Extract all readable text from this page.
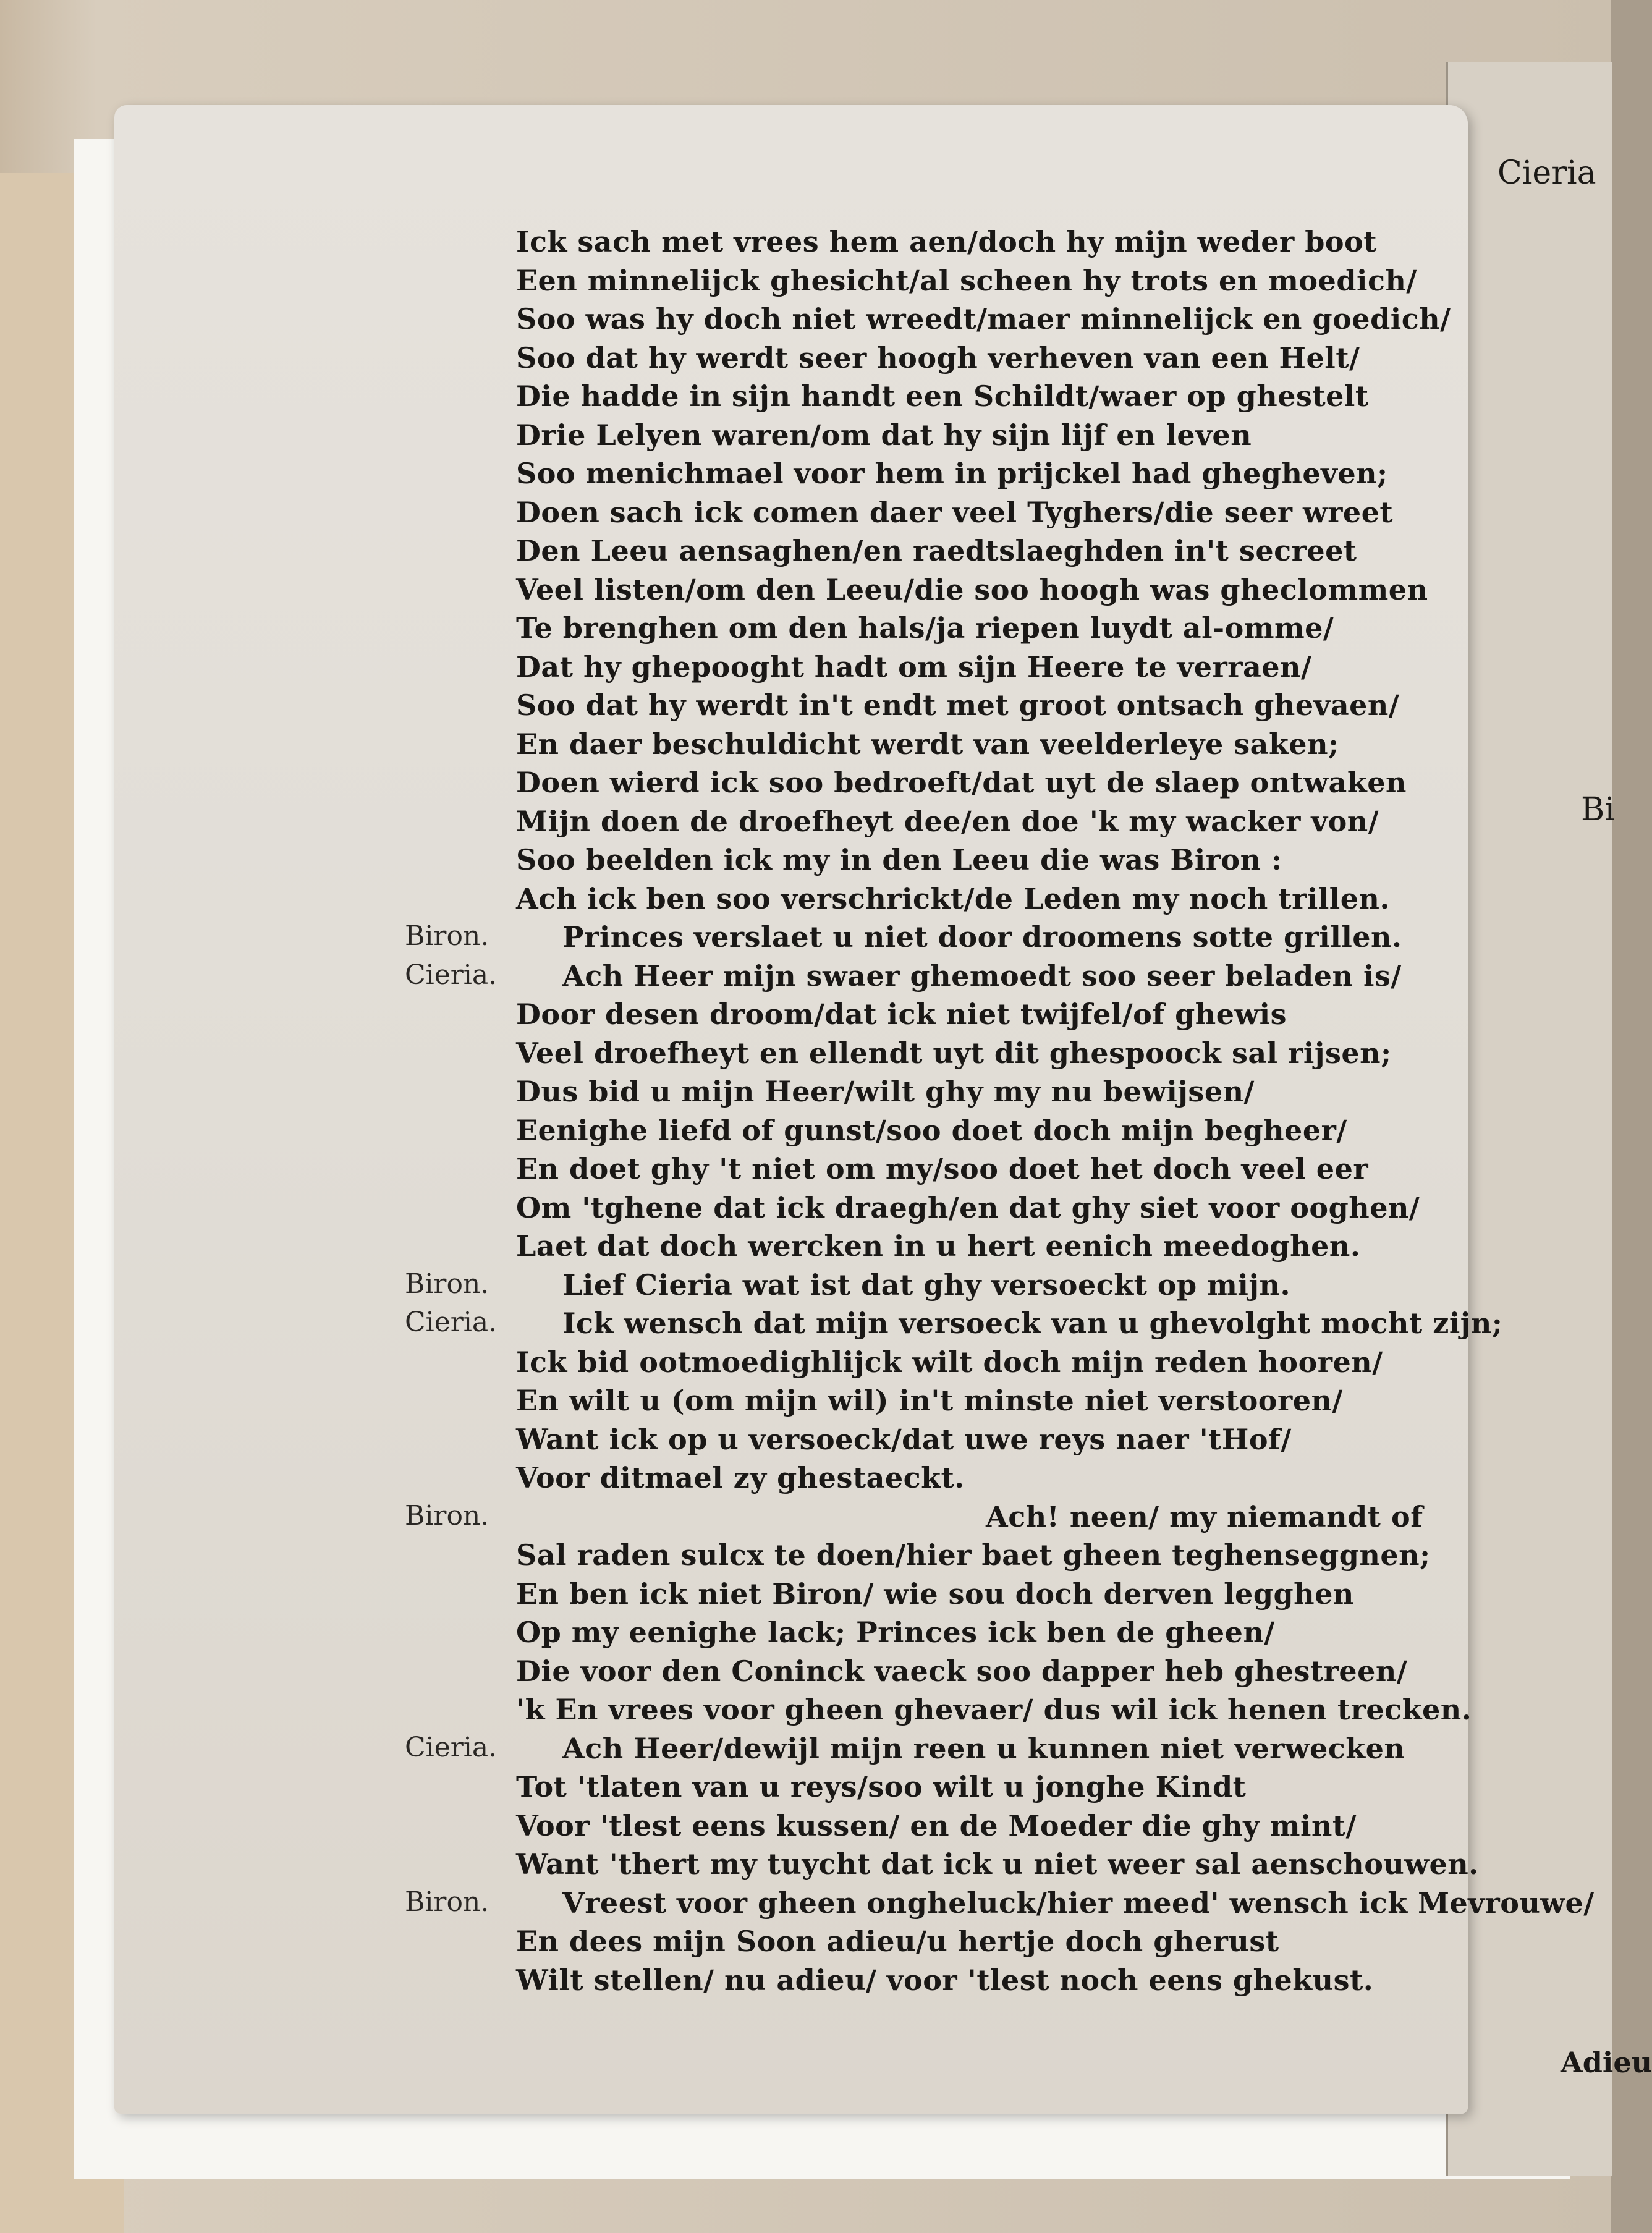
Cieria
Bi
Ick sach met vrees hem aen/doch hy mijn weder boot
Een minnelijck ghesicht/al scheen hy trots en moedich/
Soo was hy doch niet wreedt/maer minnelijck en goedich/
Soo dat hy werdt seer hoogh verheven van een Helt/
Die hadde in sijn handt een Schildt/waer op ghestelt
Drie Lelyen waren/om dat hy sijn lijf en leven
Soo menichmael voor hem in prijckel had ghegheven;
Doen sach ick comen daer veel Tyghers/die seer wreet
Den Leeu aensaghen/en raedtslaeghden in't secreet
Veel listen/om den Leeu/die soo hoogh was gheclommen
Te brenghen om den hals/ja riepen luydt al-omme/
Dat hy ghepooght hadt om sijn Heere te verraen/
Soo dat hy werdt in't endt met groot ontsach ghevaen/
En daer beschuldicht werdt van veelderleye saken;
Doen wierd ick soo bedroeft/dat uyt de slaep ontwaken
Mijn doen de droefheyt dee/en doe 'k my wacker von/
Soo beelden ick my in den Leeu die was Biron :
Ach ick ben soo verschrickt/de Leden my noch trillen.
Princes verslaet u niet door droomens sotte grillen.
Ach Heer mijn swaer ghemoedt soo seer beladen is/
Door desen droom/dat ick niet twijfel/of ghewis
Veel droefheyt en ellendt uyt dit ghespoock sal rijsen;
Dus bid u mijn Heer/wilt ghy my nu bewijsen/
Eenighe liefd of gunst/soo doet doch mijn begheer/
En doet ghy 't niet om my/soo doet het doch veel eer
Om 'tghene dat ick draegh/en dat ghy siet voor ooghen/
Laet dat doch wercken in u hert eenich meedoghen.
Lief Cieria wat ist dat ghy versoeckt op mijn.
Ick wensch dat mijn versoeck van u ghevolght mocht zijn;
Ick bid ootmoedighlijck wilt doch mijn reden hooren/
En wilt u (om mijn wil) in't minste niet verstooren/
Want ick op u versoeck/dat uwe reys naer 'tHof/
Voor ditmael zy ghestaeckt.
Ach! neen/ my niemandt of
Sal raden sulcx te doen/hier baet gheen teghenseggnen;
En ben ick niet Biron/ wie sou doch derven legghen
Op my eenighe lack; Princes ick ben de gheen/
Die voor den Coninck vaeck soo dapper heb ghestreen/
'k En vrees voor gheen ghevaer/ dus wil ick henen trecken.
Ach Heer/dewijl mijn reen u kunnen niet verwecken
Tot 'tlaten van u reys/soo wilt u jonghe Kindt
Voor 'tlest eens kussen/ en de Moeder die ghy mint/
Want 'thert my tuycht dat ick u niet weer sal aenschouwen.
Vreest voor gheen ongheluck/hier meed' wensch ick Mevrouwe/
En dees mijn Soon adieu/u hertje doch gherust
Wilt stellen/ nu adieu/ voor 'tlest noch eens ghekust.
Biron.
Cieria.
Biron.
Cieria.
Biron.
Cieria.
Biron.
Adieu
